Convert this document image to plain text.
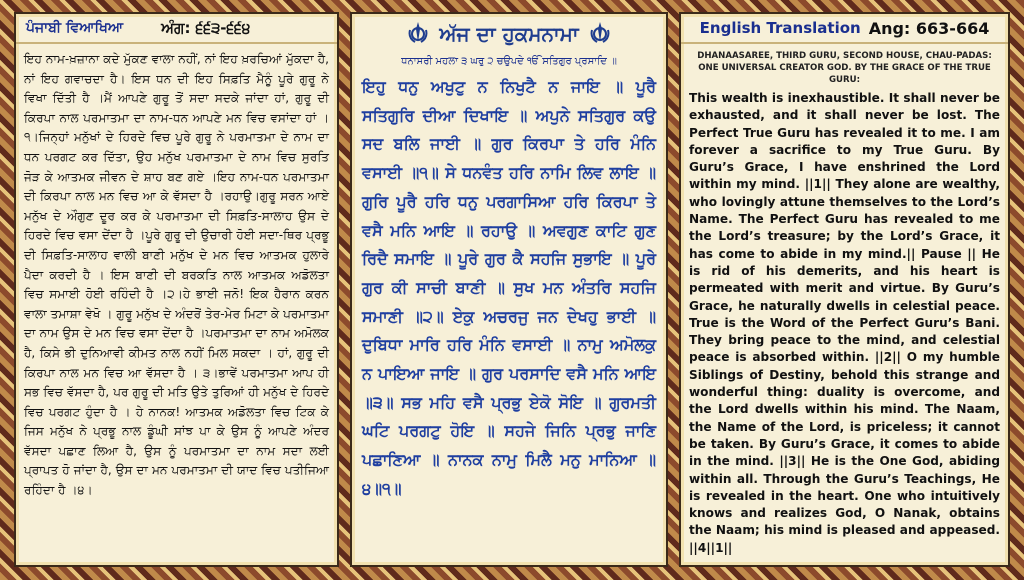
ਪੰਜਾਬੀ ਵਿਆਖਿਆ	ਅੰਗ: ੬੬੩-੬੬੪
ਇਹ ਨਾਮ-ਖ਼ਜ਼ਾਨਾ ਕਦੇ ਮੁੱਕਣ ਵਾਲਾ ਨਹੀਂ, ਨਾਂ ਇਹ ਖ਼ਰਚਿਆਂ ਮੁੱਕਦਾ ਹੈ, ਨਾਂ ਇਹ ਗਵਾਚਦਾ ਹੈ। ਇਸ ਧਨ ਦੀ ਇਹ ਸਿਫ਼ਤਿ ਮੈਨੂੰ ਪੂਰੇ ਗੁਰੂ ਨੇ ਵਿਖਾ ਦਿੱਤੀ ਹੈ ।ਮੈਂ ਆਪਣੇ ਗੁਰੂ ਤੋਂ ਸਦਾ ਸਦਕੇ ਜਾਂਦਾ ਹਾਂ, ਗੁਰੂ ਦੀ ਕਿਰਪਾ ਨਾਲ ਪਰਮਾਤਮਾ ਦਾ ਨਾਮ-ਧਨ ਆਪਣੇ ਮਨ ਵਿਚ ਵਸਾਂਦਾ ਹਾਂ ।੧।ਜਿਨ੍ਹਾਂ ਮਨੁੱਖਾਂ ਦੇ ਹਿਰਦੇ ਵਿਚ ਪੂਰੇ ਗੁਰੂ ਨੇ ਪਰਮਾਤਮਾ ਦੇ ਨਾਮ ਦਾ ਧਨ ਪਰਗਟ ਕਰ ਦਿੱਤਾ, ਉਹ ਮਨੁੱਖ ਪਰਮਾਤਮਾ ਦੇ ਨਾਮ ਵਿਚ ਸੁਰਤਿ ਜੋੜ ਕੇ ਆਤਮਕ ਜੀਵਨ ਦੇ ਸ਼ਾਹ ਬਣ ਗਏ ।ਇਹ ਨਾਮ-ਧਨ ਪਰਮਾਤਮਾ ਦੀ ਕਿਰਪਾ ਨਾਲ ਮਨ ਵਿਚ ਆ ਕੇ ਵੱਸਦਾ ਹੈ ।ਰਹਾਉ।ਗੁਰੂ ਸਰਨ ਆਏ ਮਨੁੱਖ ਦੇ ਔਗੁਣ ਦੂਰ ਕਰ ਕੇ ਪਰਮਾਤਮਾ ਦੀ ਸਿਫ਼ਤਿ-ਸਾਲਾਹ ਉਸ ਦੇ ਹਿਰਦੇ ਵਿਚ ਵਸਾ ਦੇਂਦਾ ਹੈ ।ਪੂਰੇ ਗੁਰੂ ਦੀ ਉਚਾਰੀ ਹੋਈ ਸਦਾ-ਥਿਰ ਪ੍ਰਭੂ ਦੀ ਸਿਫ਼ਤਿ-ਸਾਲਾਹ ਵਾਲੀ ਬਾਣੀ ਮਨੁੱਖ ਦੇ ਮਨ ਵਿਚ ਆਤਮਕ ਹੁਲਾਰੇ ਪੈਦਾ ਕਰਦੀ ਹੈ । ਇਸ ਬਾਣੀ ਦੀ ਬਰਕਤਿ ਨਾਲ ਆਤਮਕ ਅਡੋਲਤਾ ਵਿਚ ਸਮਾਈ ਹੋਈ ਰਹਿੰਦੀ ਹੈ ।੨।ਹੇ ਭਾਈ ਜਨੋ! ਇਕ ਹੈਰਾਨ ਕਰਨ ਵਾਲਾ ਤਮਾਸ਼ਾ ਵੇਖੋ । ਗੁਰੂ ਮਨੁੱਖ ਦੇ ਅੰਦਰੋਂ ਤੇਰ-ਮੇਰ ਮਿਟਾ ਕੇ ਪਰਮਾਤਮਾ ਦਾ ਨਾਮ ਉਸ ਦੇ ਮਨ ਵਿਚ ਵਸਾ ਦੇਂਦਾ ਹੈ ।ਪਰਮਾਤਮਾ ਦਾ ਨਾਮ ਅਮੋਲਕ ਹੈ, ਕਿਸੇ ਭੀ ਦੁਨਿਆਵੀ ਕੀਮਤ ਨਾਲ ਨਹੀਂ ਮਿਲ ਸਕਦਾ । ਹਾਂ, ਗੁਰੂ ਦੀ ਕਿਰਪਾ ਨਾਲ ਮਨ ਵਿਚ ਆ ਵੱਸਦਾ ਹੈ । ੩।ਭਾਵੇਂ ਪਰਮਾਤਮਾ ਆਪ ਹੀ ਸਭ ਵਿਚ ਵੱਸਦਾ ਹੈ, ਪਰ ਗੁਰੂ ਦੀ ਮਤਿ ਉਤੇ ਤੁਰਿਆਂ ਹੀ ਮਨੁੱਖ ਦੇ ਹਿਰਦੇ ਵਿਚ ਪਰਗਟ ਹੁੰਦਾ ਹੈ । ਹੇ ਨਾਨਕ! ਆਤਮਕ ਅਡੋਲਤਾ ਵਿਚ ਟਿਕ ਕੇ ਜਿਸ ਮਨੁੱਖ ਨੇ ਪ੍ਰਭੂ ਨਾਲ ਡੂੰਘੀ ਸਾਂਝ ਪਾ ਕੇ ਉਸ ਨੂੰ ਆਪਣੇ ਅੰਦਰ ਵੱਸਦਾ ਪਛਾਣ ਲਿਆ ਹੈ, ਉਸ ਨੂੰ ਪਰਮਾਤਮਾ ਦਾ ਨਾਮ ਸਦਾ ਲਈ ਪ੍ਰਾਪਤ ਹੋ ਜਾਂਦਾ ਹੈ, ਉਸ ਦਾ ਮਨ ਪਰਮਾਤਮਾ ਦੀ ਯਾਦ ਵਿਚ ਪਤੀਜਿਆ ਰਹਿੰਦਾ ਹੈ ।੪।
ਅੱਜ ਦਾ ਹੁਕਮਨਾਮਾ
ਧਨਾਸਰੀ ਮਹਲਾ ੩ ਘਰੁ ੨ ਚਉਪਦੇ ੴ ਸਤਿਗੁਰ ਪ੍ਰਸਾਦਿ ॥
ਇਹੁ ਧਨੁ ਅਖੁਟੁ ਨ ਨਿਖੁਟੈ ਨ ਜਾਇ ॥ ਪੂਰੈ ਸਤਿਗੁਰਿ ਦੀਆ ਦਿਖਾਇ ॥ ਅਪੁਨੇ ਸਤਿਗੁਰ ਕਉ ਸਦ ਬਲਿ ਜਾਈ ॥ ਗੁਰ ਕਿਰਪਾ ਤੇ ਹਰਿ ਮੰਨਿ ਵਸਾਈ ॥੧॥ ਸੇ ਧਨਵੰਤ ਹਰਿ ਨਾਮਿ ਲਿਵ ਲਾਇ ॥ ਗੁਰਿ ਪੂਰੈ ਹਰਿ ਧਨੁ ਪਰਗਾਸਿਆ ਹਰਿ ਕਿਰਪਾ ਤੇ ਵਸੈ ਮਨਿ ਆਇ ॥ ਰਹਾਉ ॥ ਅਵਗੁਣ ਕਾਟਿ ਗੁਣ ਰਿਦੈ ਸਮਾਇ ॥ ਪੂਰੇ ਗੁਰ ਕੈ ਸਹਜਿ ਸੁਭਾਇ ॥ ਪੂਰੇ ਗੁਰ ਕੀ ਸਾਚੀ ਬਾਣੀ ॥ ਸੁਖ ਮਨ ਅੰਤਰਿ ਸਹਜਿ ਸਮਾਣੀ ॥੨॥ ਏਕੁ ਅਚਰਜੁ ਜਨ ਦੇਖਹੁ ਭਾਈ ॥ ਦੁਬਿਧਾ ਮਾਰਿ ਹਰਿ ਮੰਨਿ ਵਸਾਈ ॥ ਨਾਮੁ ਅਮੋਲਕੁ ਨ ਪਾਇਆ ਜਾਇ ॥ ਗੁਰ ਪਰਸਾਦਿ ਵਸੈ ਮਨਿ ਆਇ ॥੩॥ ਸਭ ਮਹਿ ਵਸੈ ਪ੍ਰਭੁ ਏਕੋ ਸੋਇ ॥ ਗੁਰਮਤੀ ਘਟਿ ਪਰਗਟੁ ਹੋਇ ॥ ਸਹਜੇ ਜਿਨਿ ਪ੍ਰਭੁ ਜਾਣਿ ਪਛਾਣਿਆ ॥ ਨਾਨਕ ਨਾਮੁ ਮਿਲੈ ਮਨੁ ਮਾਨਿਆ ॥੪॥੧॥
English Translation Ang: 663-664
DHANAASAREE, THIRD GURU, SECOND HOUSE, CHAU-PADAS:
ONE UNIVERSAL CREATOR GOD. BY THE GRACE OF THE TRUE GURU:
This wealth is inexhaustible. It shall never be exhausted, and it shall never be lost. The Perfect True Guru has revealed it to me. I am forever a sacrifice to my True Guru. By Guru’s Grace, I have enshrined the Lord within my mind. ||1|| They alone are wealthy, who lovingly attune themselves to the Lord’s Name. The Perfect Guru has revealed to me the Lord’s treasure; by the Lord’s Grace, it has come to abide in my mind.|| Pause || He is rid of his demerits, and his heart is permeated with merit and virtue. By Guru’s Grace, he naturally dwells in celestial peace. True is the Word of the Perfect Guru’s Bani. They bring peace to the mind, and celestial peace is absorbed within. ||2|| O my humble Siblings of Destiny, behold this strange and wonderful thing: duality is overcome, and the Lord dwells within his mind. The Naam, the Name of the Lord, is priceless; it cannot be taken. By Guru’s Grace, it comes to abide in the mind. ||3|| He is the One God, abiding within all. Through the Guru’s Teachings, He is revealed in the heart. One who intuitively knows and realizes God, O Nanak, obtains the Naam; his mind is pleased and appeased. ||4||1||
